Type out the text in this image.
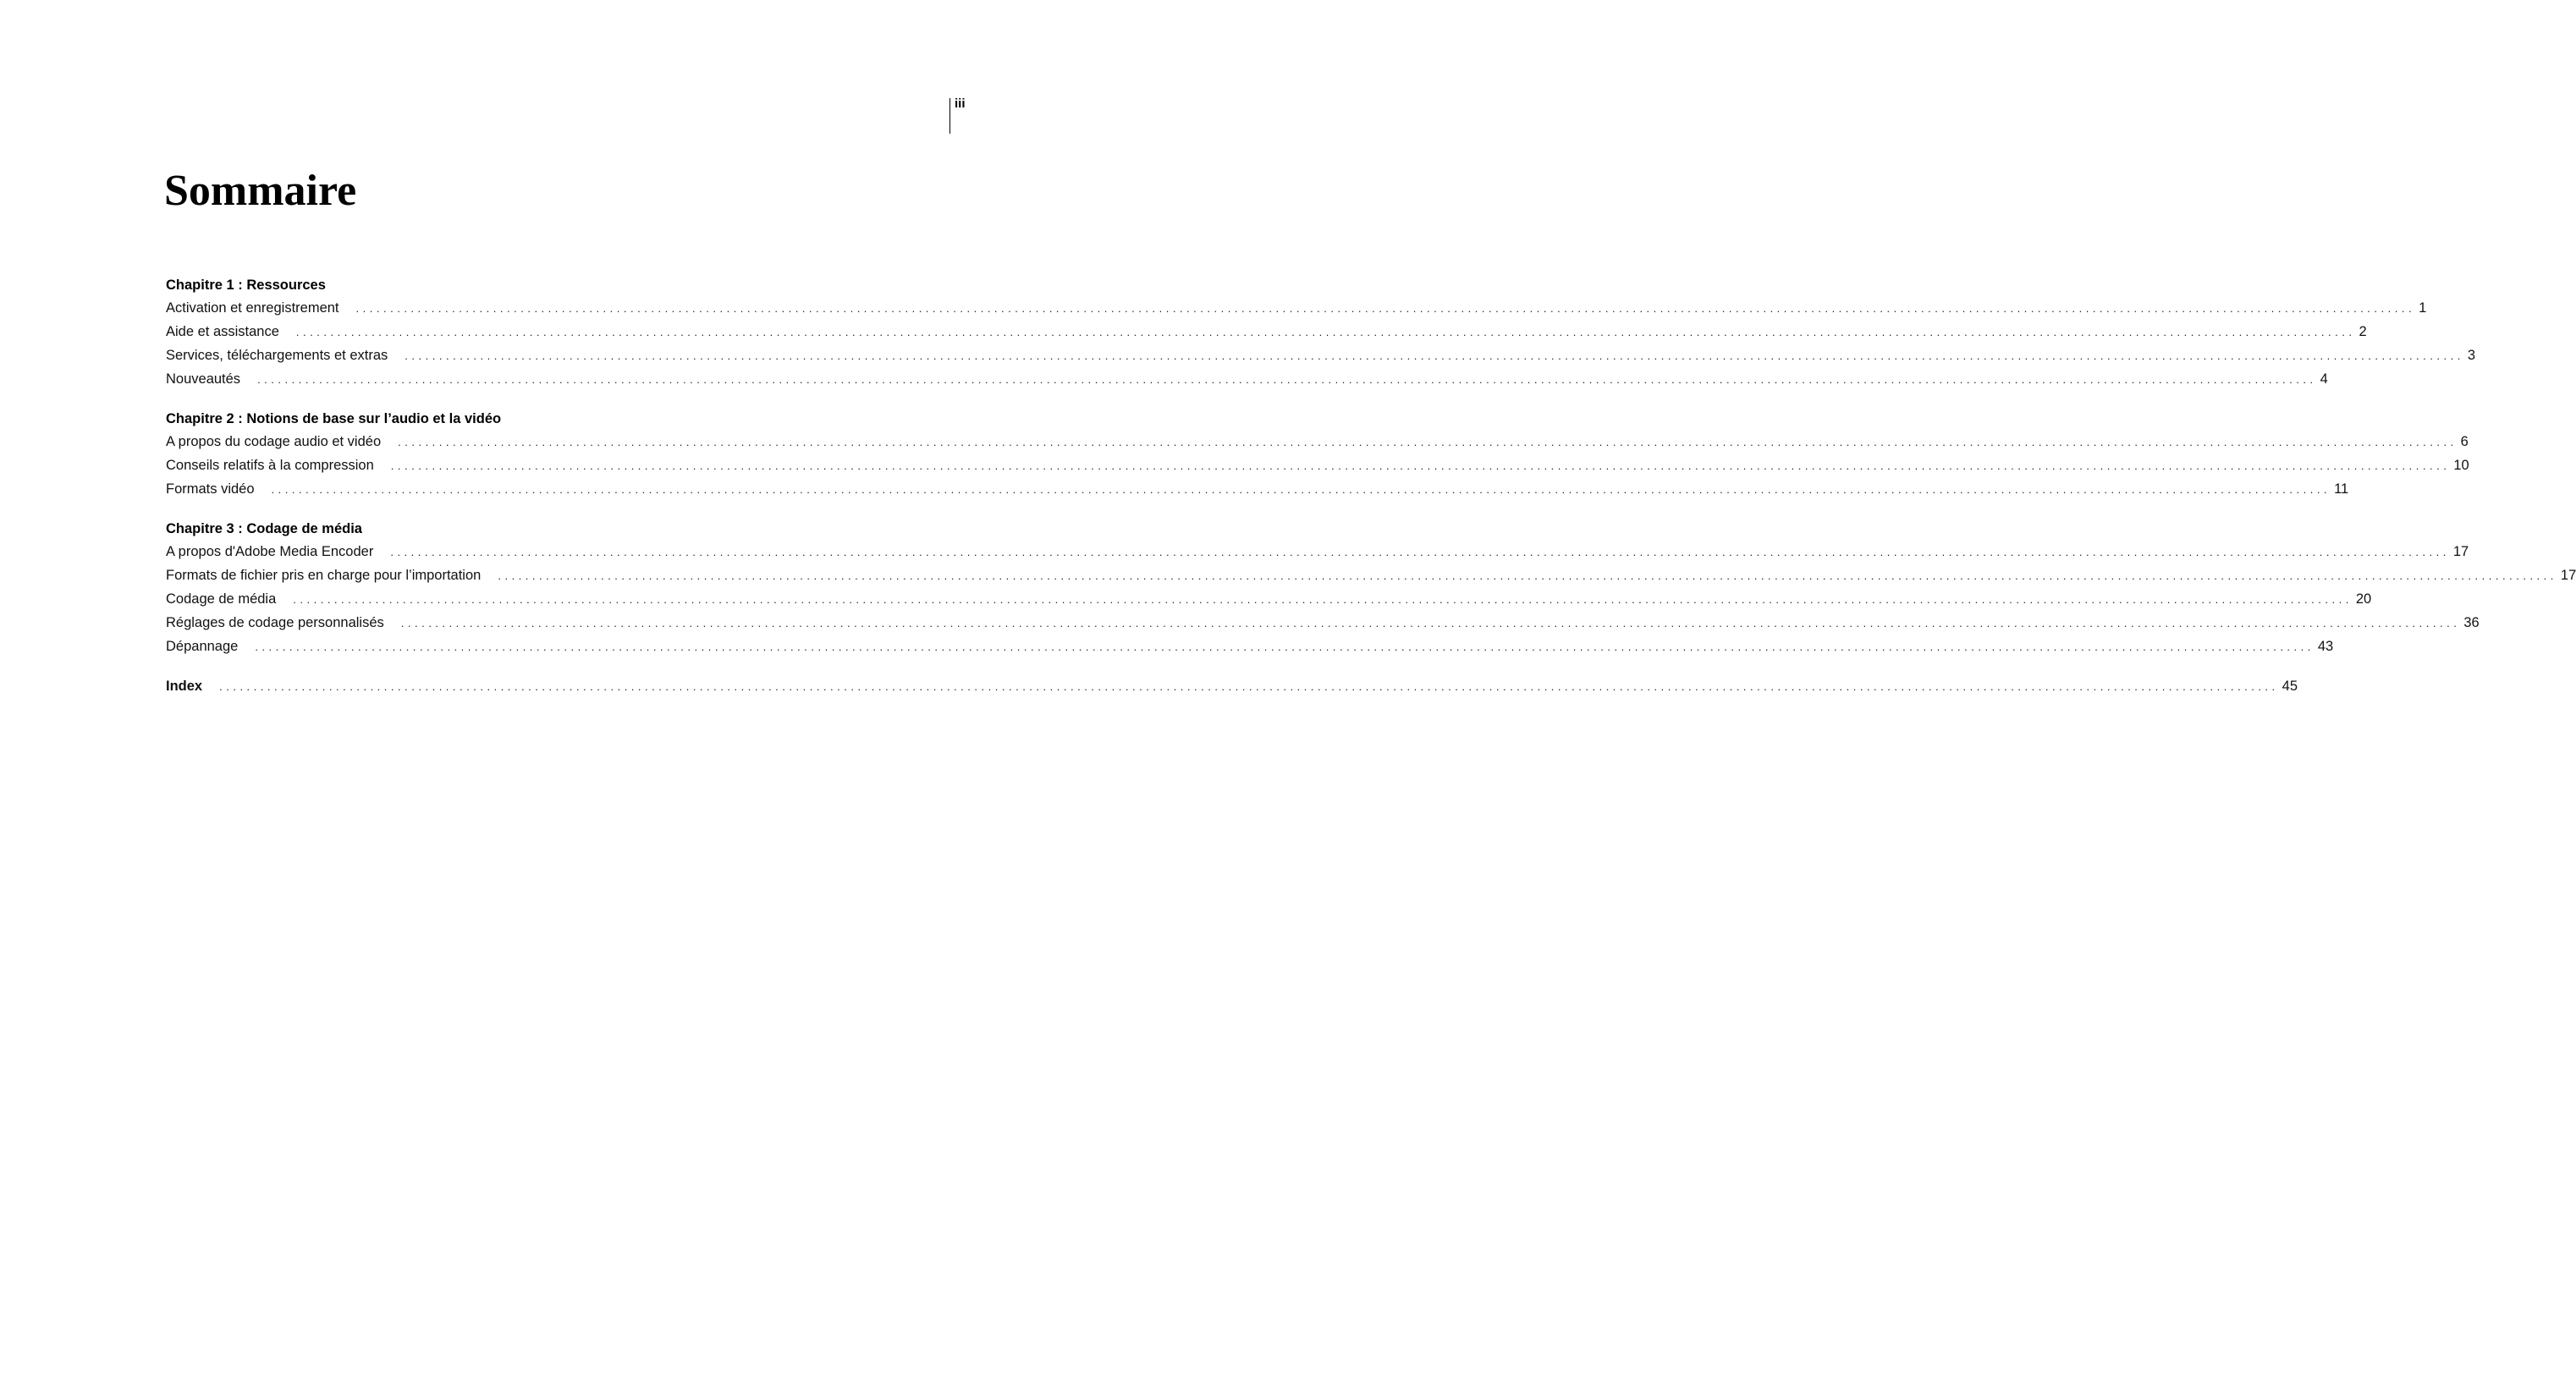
iii
Sommaire
Chapitre 1 : Ressources
Activation et enregistrement	............................................................................................................................................................................................................................................................................................................ 1
Aide et assistance	............................................................................................................................................................................................................................................................................................................ 2
Services, téléchargements et extras	............................................................................................................................................................................................................................................................................................................ 3
Nouveautés	............................................................................................................................................................................................................................................................................................................ 4
Chapitre 2 : Notions de base sur l’audio et la vidéo
A propos du codage audio et vidéo	............................................................................................................................................................................................................................................................................................................ 6
Conseils relatifs à la compression	............................................................................................................................................................................................................................................................................................................ 10
Formats vidéo	............................................................................................................................................................................................................................................................................................................ 11
Chapitre 3 : Codage de média
A propos d'Adobe Media Encoder	............................................................................................................................................................................................................................................................................................................ 17
Formats de fichier pris en charge pour l’importation	............................................................................................................................................................................................................................................................................................................ 17
Codage de média	............................................................................................................................................................................................................................................................................................................ 20
Réglages de codage personnalisés	............................................................................................................................................................................................................................................................................................................ 36
Dépannage	............................................................................................................................................................................................................................................................................................................ 43
Index	............................................................................................................................................................................................................................................................................................................ 45
